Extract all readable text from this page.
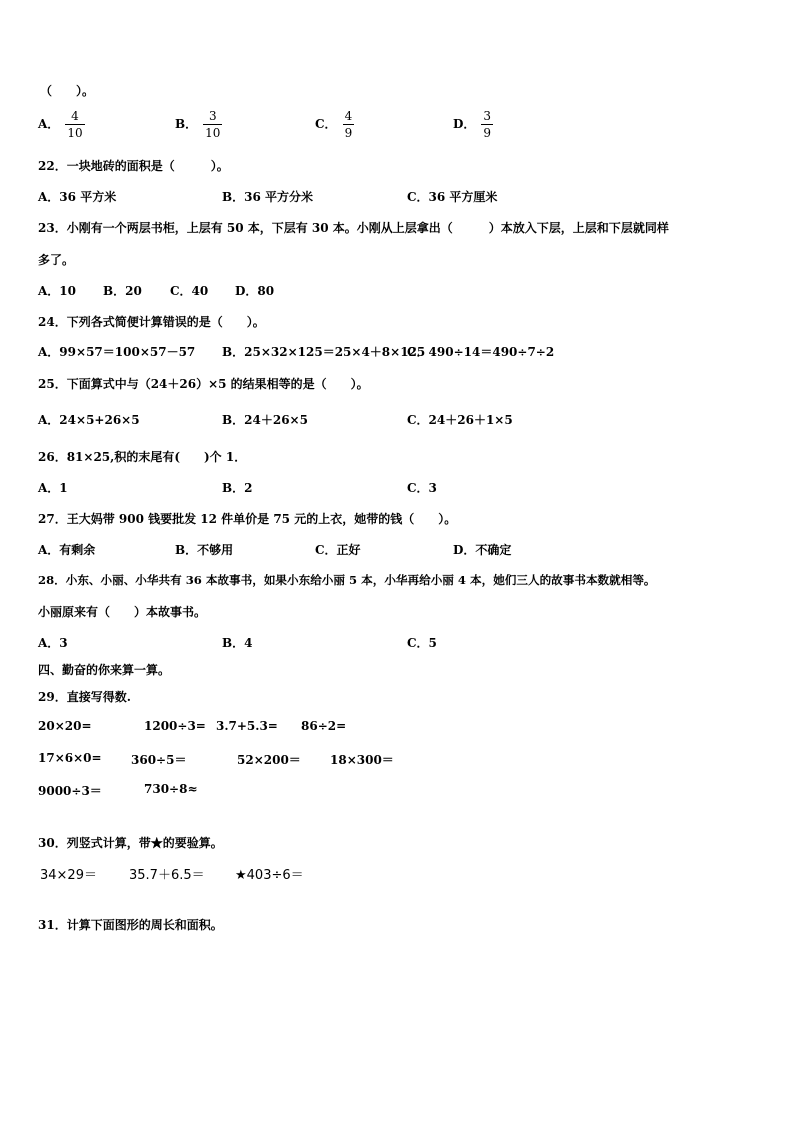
（　　）。
A． $\frac{4}{10}$	B． $\frac{3}{10}$	C． $\frac{4}{9}$	D． $\frac{3}{9}$
22．一块地砖的面积是（　　　）。
A．36 平方米	B．36 平方分米	C．36 平方厘米
23．小刚有一个两层书柜，上层有 50 本，下层有 30 本。小刚从上层拿出（　　　）本放入下层，上层和下层就同样
多了。
A．10 B．20 C．40 D．80
24．下列各式简便计算错误的是（　　）。
A．99×57＝100×57－57 B．25×32×125＝25×4＋8×125
C．490÷14＝490÷7÷2
25．下面算式中与（24＋26）×5 的结果相等的是（　　）。
A．24×5+26×5	B．24＋26×5	C．24＋26＋1×5
26．81×25,积的末尾有(　　)个 1．
A．1	B．2	C．3
27．王大妈带 900 钱要批发 12 件单价是 75 元的上衣，她带的钱（　　）。
A．有剩余	B．不够用	C．正好	D．不确定
28．小东、小丽、小华共有 36 本故事书，如果小东给小丽 5 本，小华再给小丽 4 本，她们三人的故事书本数就相等。
小丽原来有（　　）本故事书。
A．3	B．4	C．5
四、勤奋的你来算一算。
29．直接写得数.
20×20=	1200÷3= 3.7+5.3= 86÷2=
17×6×0= 360÷5＝	52×200＝ 18×300＝
9000÷3＝	730÷8≈
30．列竖式计算，带★的要验算。
34×29＝ 35.7＋6.5＝ ★403÷6＝
31．计算下面图形的周长和面积。
